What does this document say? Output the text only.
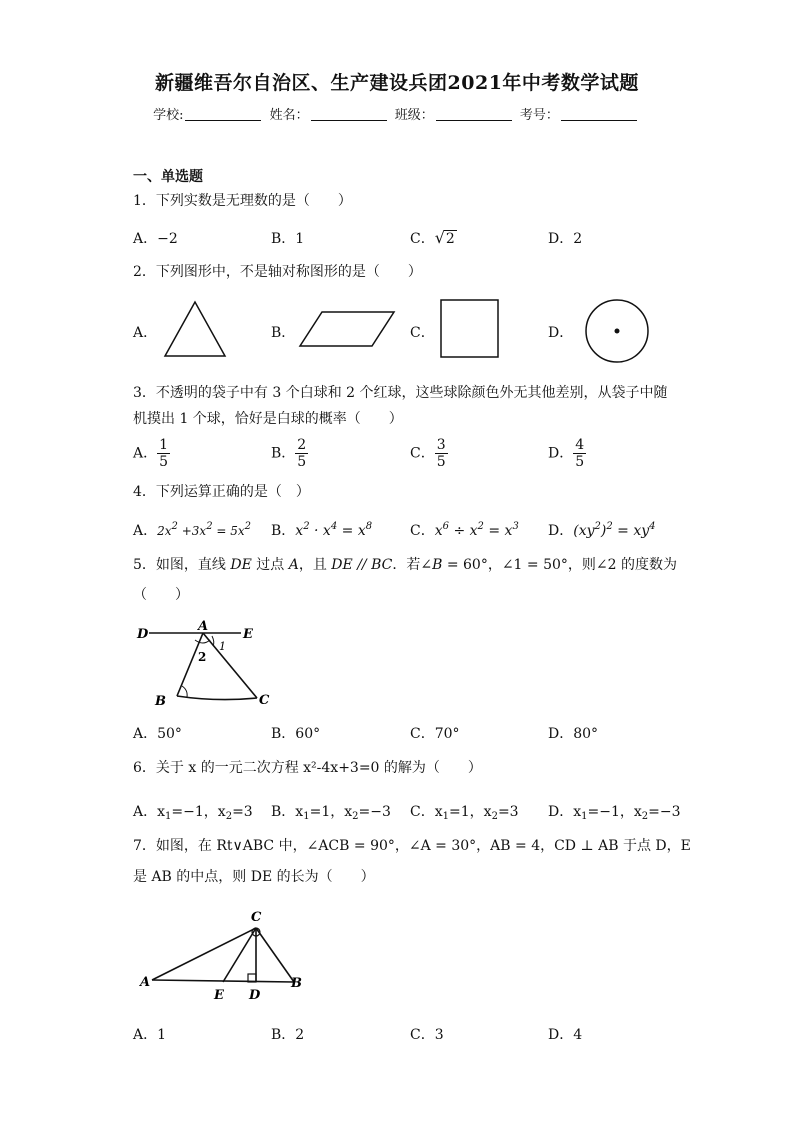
新疆维吾尔自治区、生产建设兵团2021年中考数学试题
学校:	姓名：	班级：	考号：
一、单选题
1．下列实数是无理数的是（　　）
A．−2	B．1	C．√2	D．2
2．下列图形中，不是轴对称图形的是（　　）
A．	B．	C．	D．
3．不透明的袋子中有 3 个白球和 2 个红球，这些球除颜色外无其他差别，从袋子中随
机摸出 1 个球，恰好是白球的概率（　　）
A． $\frac{1}{5}$	B． $\frac{2}{5}$	C． $\frac{3}{5}$	D． $\frac{4}{5}$
4．下列运算正确的是（　）
A．$2x^2 +3x^2 = 5x^2$ B．$x^2 \cdot x^4 = x^8$	C．$x^6 \div x^2 = x^3$ D．$(xy^2)^2 = xy^4$
5．如图，直线 DE 过点 A，且 DE // BC．若∠B = 60°，∠1 = 50°，则∠2 的度数为
（　　）
D
A
E
B	C
1
2
A．50°	B．60°	C．70°	D．80°
6．关于 x 的一元二次方程 x²-4x+3=0 的解为（　　）
A．$x_1=-1$，$x_2=3$ B．$x_1=1$，$x_2=-3$ C．$x_1=1$，$x_2=3$ D．$x_1=-1$，$x_2=-3$
7．如图，在 Rt∨ABC 中，∠ACB = 90°，∠A = 30°，AB = 4，CD ⊥ AB 于点 D，E
是 AB 的中点，则 DE 的长为（　　）
C
A
E D
B
A．1	B．2	C．3	D．4
